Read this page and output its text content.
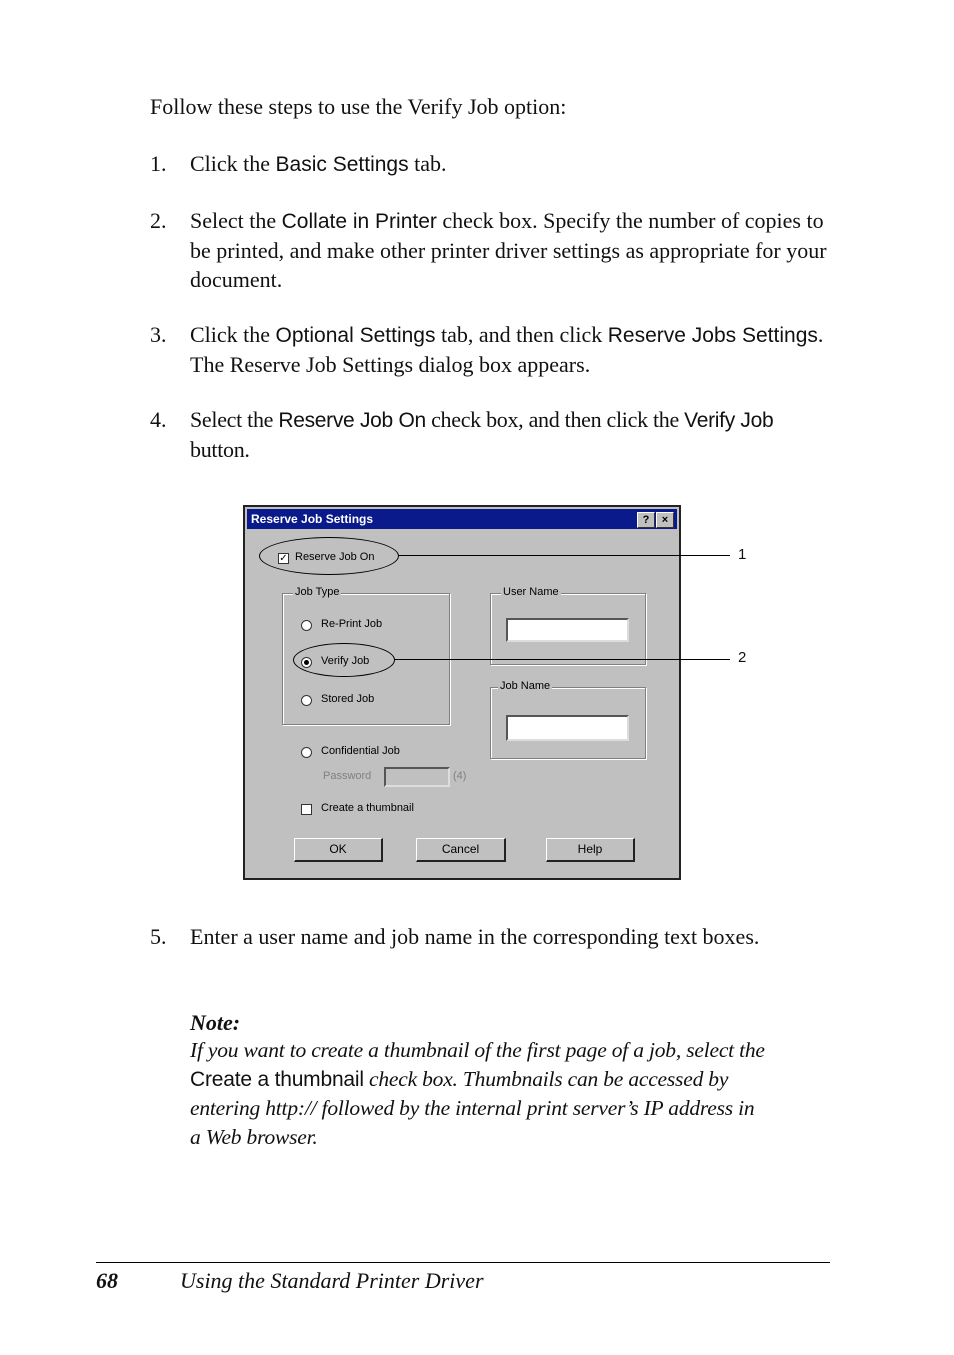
Follow these steps to use the Verify Job option:
1. Click the Basic Settings tab.
2. Select the Collate in Printer check box. Specify the number of copies to be printed, and make other printer driver settings as appropriate for your document.
3. Click the Optional Settings tab, and then click Reserve Jobs Settings. The Reserve Job Settings dialog box appears.
4. Select the Reserve Job On check box, and then click the Verify Job button.
Reserve Job Settings	?	×
✓ Reserve Job On
Job Type
Re-Print Job
Verify Job
Stored Job
Confidential Job
Password	(4)
Create a thumbnail
User Name
Job Name
OK	Cancel	Help
1
2
5. Enter a user name and job name in the corresponding text boxes.
Note:
If you want to create a thumbnail of the first page of a job, select the
Create a thumbnail check box. Thumbnails can be accessed by
entering http:// followed by the internal print server’s IP address in
a Web browser.
68	Using the Standard Printer Driver
